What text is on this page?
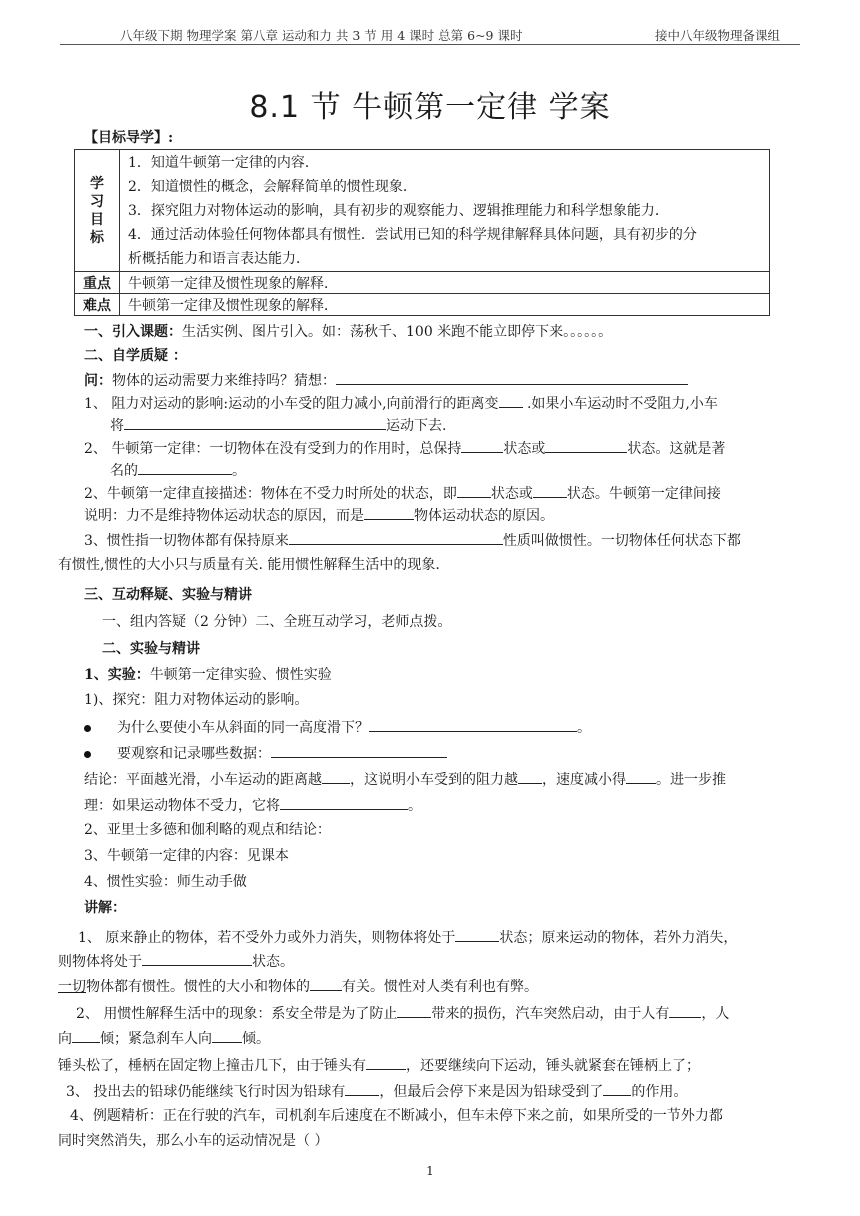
八年级下期 物理学案 第八章 运动和力 共 3 节 用 4 课时 总第 6~9 课时	接中八年级物理备课组
8.1 节 牛顿第一定律 学案
【目标导学】:
学习目标	1．知道牛顿第一定律的内容．
2．知道惯性的概念，会解释简单的惯性现象．
3．探究阻力对物体运动的影响，具有初步的观察能力、逻辑推理能力和科学想象能力．
4．通过活动体验任何物体都具有惯性．尝试用已知的科学规律解释具体问题，具有初步的分
析概括能力和语言表达能力．

重点	牛顿第一定律及惯性现象的解释．
难点	牛顿第一定律及惯性现象的解释．
一、引入课题：生活实例、图片引入。如：荡秋千、100 米跑不能立即停下来。。。。。。
二、自学质疑 ：
问：物体的运动需要力来维持吗？猜想：
1、 阻力对运动的影响:运动的小车受的阻力减小,向前滑行的距离变 .如果小车运动时不受阻力,小车
将	运动下去.
2、 牛顿第一定律：一切物体在没有受到力的作用时，总保持	状态或	状态。这就是著
名的	。
2、牛顿第一定律直接描述：物体在不受力时所处的状态，即 状态或 状态。牛顿第一定律间接
说明：力不是维持物体运动状态的原因，而是	物体运动状态的原因。
3、惯性指一切物体都有保持原来	性质叫做惯性。一切物体任何状态下都
有惯性,惯性的大小只与质量有关. 能用惯性解释生活中的现象.
三、互动释疑、实验与精讲
一、组内答疑（2 分钟）二、全班互动学习，老师点拨。
二、实验与精讲
1、实验：牛顿第一定律实验、惯性实验
1)、探究：阻力对物体运动的影响。
为什么要使小车从斜面的同一高度滑下？	。
要观察和记录哪些数据：
结论：平面越光滑，小车运动的距离越 ，这说明小车受到的阻力越 ，速度减小得 。进一步推
理：如果运动物体不受力，它将	。
2、亚里士多德和伽利略的观点和结论：
3、牛顿第一定律的内容：见课本
4、惯性实验：师生动手做
讲解：
1、 原来静止的物体，若不受外力或外力消失，则物体将处于	状态；原来运动的物体，若外力消失，
则物体将处于	状态。
一切物体都有惯性。惯性的大小和物体的 有关。惯性对人类有利也有弊。
2、 用惯性解释生活中的现象：系安全带是为了防止 带来的损伤，汽车突然启动，由于人有 ，人
向 倾；紧急刹车人向 倾。
锤头松了，棰柄在固定物上撞击几下，由于锤头有	，还要继续向下运动，锤头就紧套在锤柄上了；
3、 投出去的铅球仍能继续飞行时因为铅球有 ，但最后会停下来是因为铅球受到了 的作用。
4、例题精析：正在行驶的汽车，司机刹车后速度在不断减小，但车未停下来之前，如果所受的一节外力都
同时突然消失，那么小车的运动情况是（ ）
1
